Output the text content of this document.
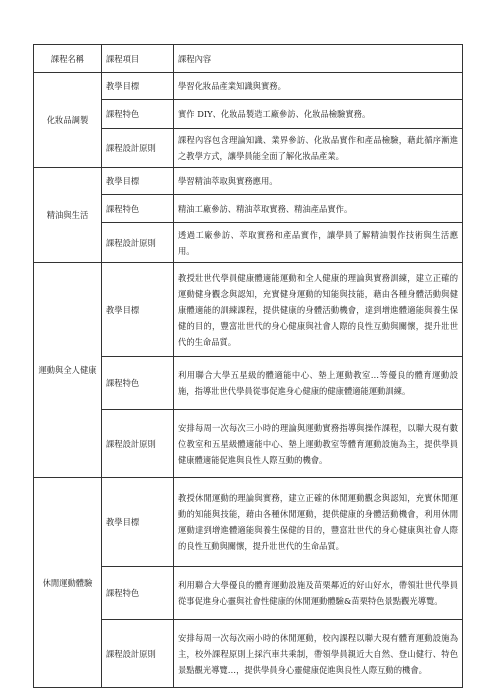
課程名稱	課程項目	課程內容
化妝品調製	教學目標	學習化妝品產業知識與實務。
	課程特色	實作 DIY、化妝品製造工廠參訪、化妝品檢驗實務。
	課程設計原則	課程內容包含理論知識、業界參訪、化妝品實作和產品檢驗，藉此循序漸進之教學方式，讓學員能全面了解化妝品產業。
精油與生活	教學目標	學習精油萃取與實務應用。
	課程特色	精油工廠參訪、精油萃取實務、精油產品實作。
	課程設計原則	透過工廠參訪、萃取實務和產品實作，讓學員了解精油製作技術與生活應用。
運動與全人健康	教學目標	教授壯世代學員健康體適能運動和全人健康的理論與實務訓練，建立正確的運動健身觀念與認知，充實健身運動的知能與技能，藉由各種身體活動與健康體適能的訓練課程，提供健康的身體活動機會，達到增進體適能與養生保健的目的，豐富壯世代的身心健康與社會人際的良性互動與關懷，提升壯世代的生命品質。
	課程特色	利用聯合大學五星級的體適能中心、墊上運動教室…等優良的體育運動設施，指導壯世代學員從事促進身心健康的健康體適能運動訓練。
	課程設計原則	安排每周一次每次三小時的理論與運動實務指導與操作課程，以聯大現有數位教室和五星級體適能中心、墊上運動教室等體育運動設施為主，提供學員健康體適能促進與良性人際互動的機會。
休閒運動體驗	教學目標	教授休閒運動的理論與實務，建立正確的休閒運動觀念與認知，充實休閒運動的知能與技能，藉由各種休閒運動，提供健康的身體活動機會，利用休閒運動達到增進體適能與養生保健的目的，豐富壯世代的身心健康與社會人際的良性互動與關懷，提升壯世代的生命品質。
	課程特色	利用聯合大學優良的體育運動設施及苗栗鄰近的好山好水，帶領壯世代學員從事促進身心靈與社會性健康的休閒運動體驗&苗栗特色景點觀光導覽。
	課程設計原則	安排每周一次每次兩小時的休閒運動，校內課程以聯大現有體育運動設施為主，校外課程原則上採汽車共乘制，帶領學員親近大自然、登山健行、特色景點觀光導覽…，提供學員身心靈健康促進與良性人際互動的機會。
